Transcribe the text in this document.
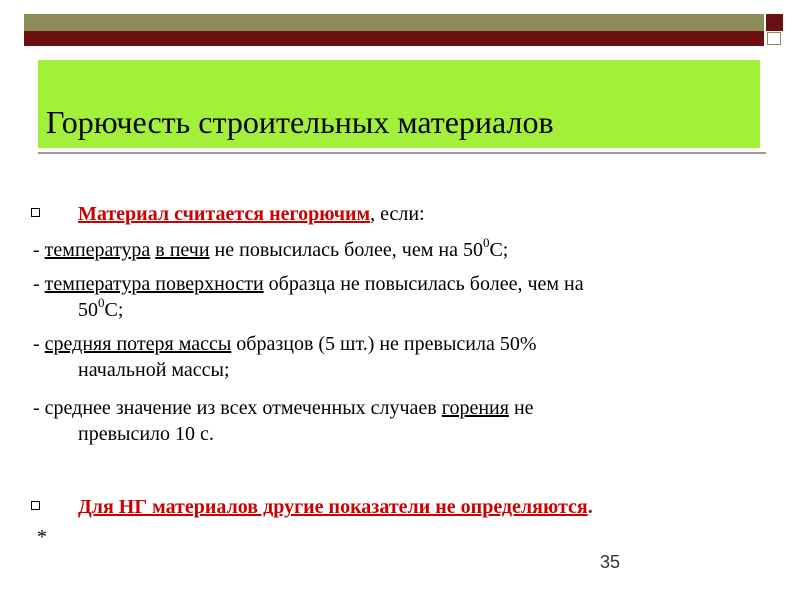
Горючесть строительных материалов
Материал считается негорючим, если:
- температура в печи не повысилась более, чем на $50^0С$;
- температура поверхности образца не повысилась более, чем на
$50^0С$;
- средняя потеря массы образцов (5 шт.) не превысила 50%
начальной массы;
- среднее значение из всех отмеченных случаев горения не
превысило 10 с.
Для НГ материалов другие показатели не определяются.
*
35
